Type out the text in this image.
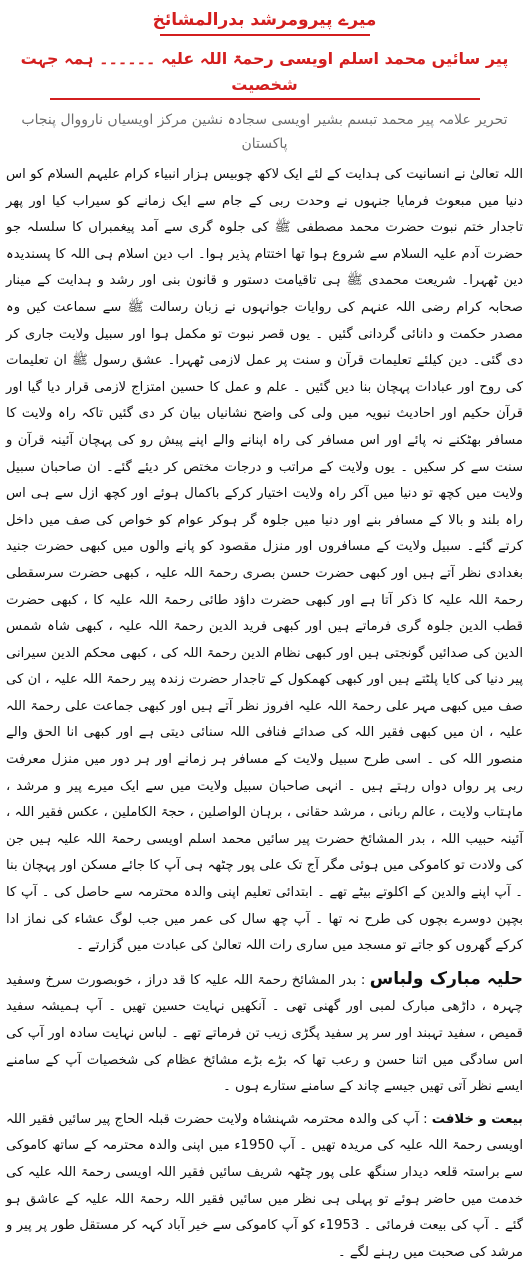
میرے پیرومرشد بدرالمشائخ
پیر سائیں محمد اسلم اویسی رحمۃ اللہ علیہ ۔۔۔۔۔۔ ہمہ جہت شخصیت
تحریر علامہ پیر محمد تبسم بشیر اویسی سجادہ نشین مرکز اویسیاں نارووال پنجاب پاکستان

اللہ تعالیٰ نے انسانیت کی ہدایت کے لئے ایک لاکھ چوبیس ہزار انبیاء کرام علیہم السلام کو اس دنیا میں مبعوث فرمایا جنہوں نے وحدت ربی کے جام سے ایک زمانے کو سیراب کیا اور پھر تاجدار ختم نبوت حضرت محمد مصطفی ﷺ کی جلوہ گری سے آمد پیغمبراں کا سلسلہ جو حضرت آدم علیہ السلام سے شروع ہوا تھا اختتام پذیر ہوا۔ اب دین اسلام ہی اللہ کا پسندیدہ دین ٹھہرا۔ شریعت محمدی ﷺ ہی تاقیامت دستور و قانون بنی اور رشد و ہدایت کے مینار صحابہ کرام رضی اللہ عنہم کی روایات جوانہوں نے زبان رسالت ﷺ سے سماعت کیں وہ مصدر حکمت و دانائی گردانی گئیں ۔ یوں قصر نبوت تو مکمل ہوا اور سبیل ولایت جاری کر دی گئی۔ دین کیلئے تعلیمات قرآن و سنت پر عمل لازمی ٹھہرا۔ عشق رسول ﷺ ان تعلیمات کی روح اور عبادات پہچان بنا دیں گئیں ۔ علم و عمل کا حسین امتزاج لازمی قرار دیا گیا اور قرآن حکیم اور احادیث نبویہ میں ولی کی واضح نشانیاں بیان کر دی گئیں تاکہ راہ ولایت کا مسافر بھٹکنے نہ پائے اور اس مسافر کی راہ اپنانے والے اپنے پیش رو کی پہچان آئینہ قرآن و سنت سے کر سکیں ۔ یوں ولایت کے مراتب و درجات مختص کر دیئے گئے۔ ان صاحبان سبیل ولایت میں کچھ تو دنیا میں آکر راہ ولایت اختیار کرکے باکمال ہوئے اور کچھ ازل سے ہی اس راہ بلند و بالا کے مسافر بنے اور دنیا میں جلوہ گر ہوکر عوام کو خواص کی صف میں داخل کرتے گئے۔ سبیل ولایت کے مسافروں اور منزل مقصود کو پانے والوں میں کبھی حضرت جنید بغدادی نظر آتے ہیں اور کبھی حضرت حسن بصری رحمۃ اللہ علیہ ، کبھی حضرت سرسقطی رحمۃ اللہ علیہ کا ذکر آتا ہے اور کبھی حضرت داؤد طائی رحمۃ اللہ علیہ کا ، کبھی حضرت قطب الدین جلوہ گری فرماتے ہیں اور کبھی فرید الدین رحمۃ اللہ علیہ ، کبھی شاہ شمس الدین کی صدائیں گونجتی ہیں اور کبھی نظام الدین رحمۃ اللہ کی ، کبھی محکم الدین سیرانی پیر دنیا کی کایا پلٹتے ہیں اور کبھی کھمکول کے تاجدار حضرت زندہ پیر رحمۃ اللہ علیہ ، ان کی صف میں کبھی مہر علی رحمۃ اللہ علیہ افروز نظر آتے ہیں اور کبھی جماعت علی رحمۃ اللہ علیہ ، ان میں کبھی فقیر اللہ کی صدائے فنافی اللہ سنائی دیتی ہے اور کبھی انا الحق والے منصور اللہ کی ۔ اسی طرح سبیل ولایت کے مسافر ہر زمانے اور ہر دور میں منزل معرفت ربی پر رواں دواں رہتے ہیں ۔ انہی صاحبان سبیل ولایت میں سے ایک میرے پیر و مرشد ، ماہتاب ولایت ، عالم ربانی ، مرشد حقانی ، برہان الواصلین ، حجۃ الکاملین ، عکس فقیر اللہ ، آئینہ حبیب اللہ ، بدر المشائخ حضرت پیر سائیں محمد اسلم اویسی رحمۃ اللہ علیہ ہیں جن کی ولادت تو کاموکی میں ہوئی مگر آج تک علی پور چٹھہ ہی آپ کا جائے مسکن اور پہچان بنا ۔ آپ اپنے والدین کے اکلوتے بیٹے تھے ۔ ابتدائی تعلیم اپنی والدہ محترمہ سے حاصل کی ۔ آپ کا بچپن دوسرے بچوں کی طرح نہ تھا ۔ آپ چھ سال کی عمر میں جب لوگ عشاء کی نماز ادا کرکے گھروں کو جاتے تو مسجد میں ساری رات اللہ تعالیٰ کی عبادت میں گزارتے ۔

حلیہ مبارک ولباس : بدر المشائخ رحمۃ اللہ علیہ کا قد دراز ، خوبصورت سرخ وسفید چہرہ ، داڑھی مبارک لمبی اور گھنی تھی ۔ آنکھیں نہایت حسین تھیں ۔ آپ ہمیشہ سفید قمیص ، سفید تہبند اور سر پر سفید پگڑی زیب تن فرماتے تھے ۔ لباس نہایت سادہ اور آپ کی اس سادگی میں اتنا حسن و رعب تھا کہ بڑے بڑے مشائخ عظام کی شخصیات آپ کے سامنے ایسے نظر آتی تھیں جیسے چاند کے سامنے ستارے ہوں ۔

بیعت و خلافت : آپ کی والدہ محترمہ شہنشاہ ولایت حضرت قبلہ الحاج پیر سائیں فقیر اللہ اویسی رحمۃ اللہ علیہ کی مریدہ تھیں ۔ آپ 1950ء میں اپنی والدہ محترمہ کے ساتھ کاموکی سے براستہ قلعہ دیدار سنگھ علی پور چٹھہ شریف سائیں فقیر اللہ اویسی رحمۃ اللہ علیہ کی خدمت میں حاضر ہوئے تو پہلی ہی نظر میں سائیں فقیر اللہ رحمۃ اللہ علیہ کے عاشق ہو گئے ۔ آپ کی بیعت فرمائی ۔ 1953ء کو آپ کاموکی سے خیر آباد کہہ کر مستقل طور پر پیر و مرشد کی صحبت میں رہنے لگے ۔
